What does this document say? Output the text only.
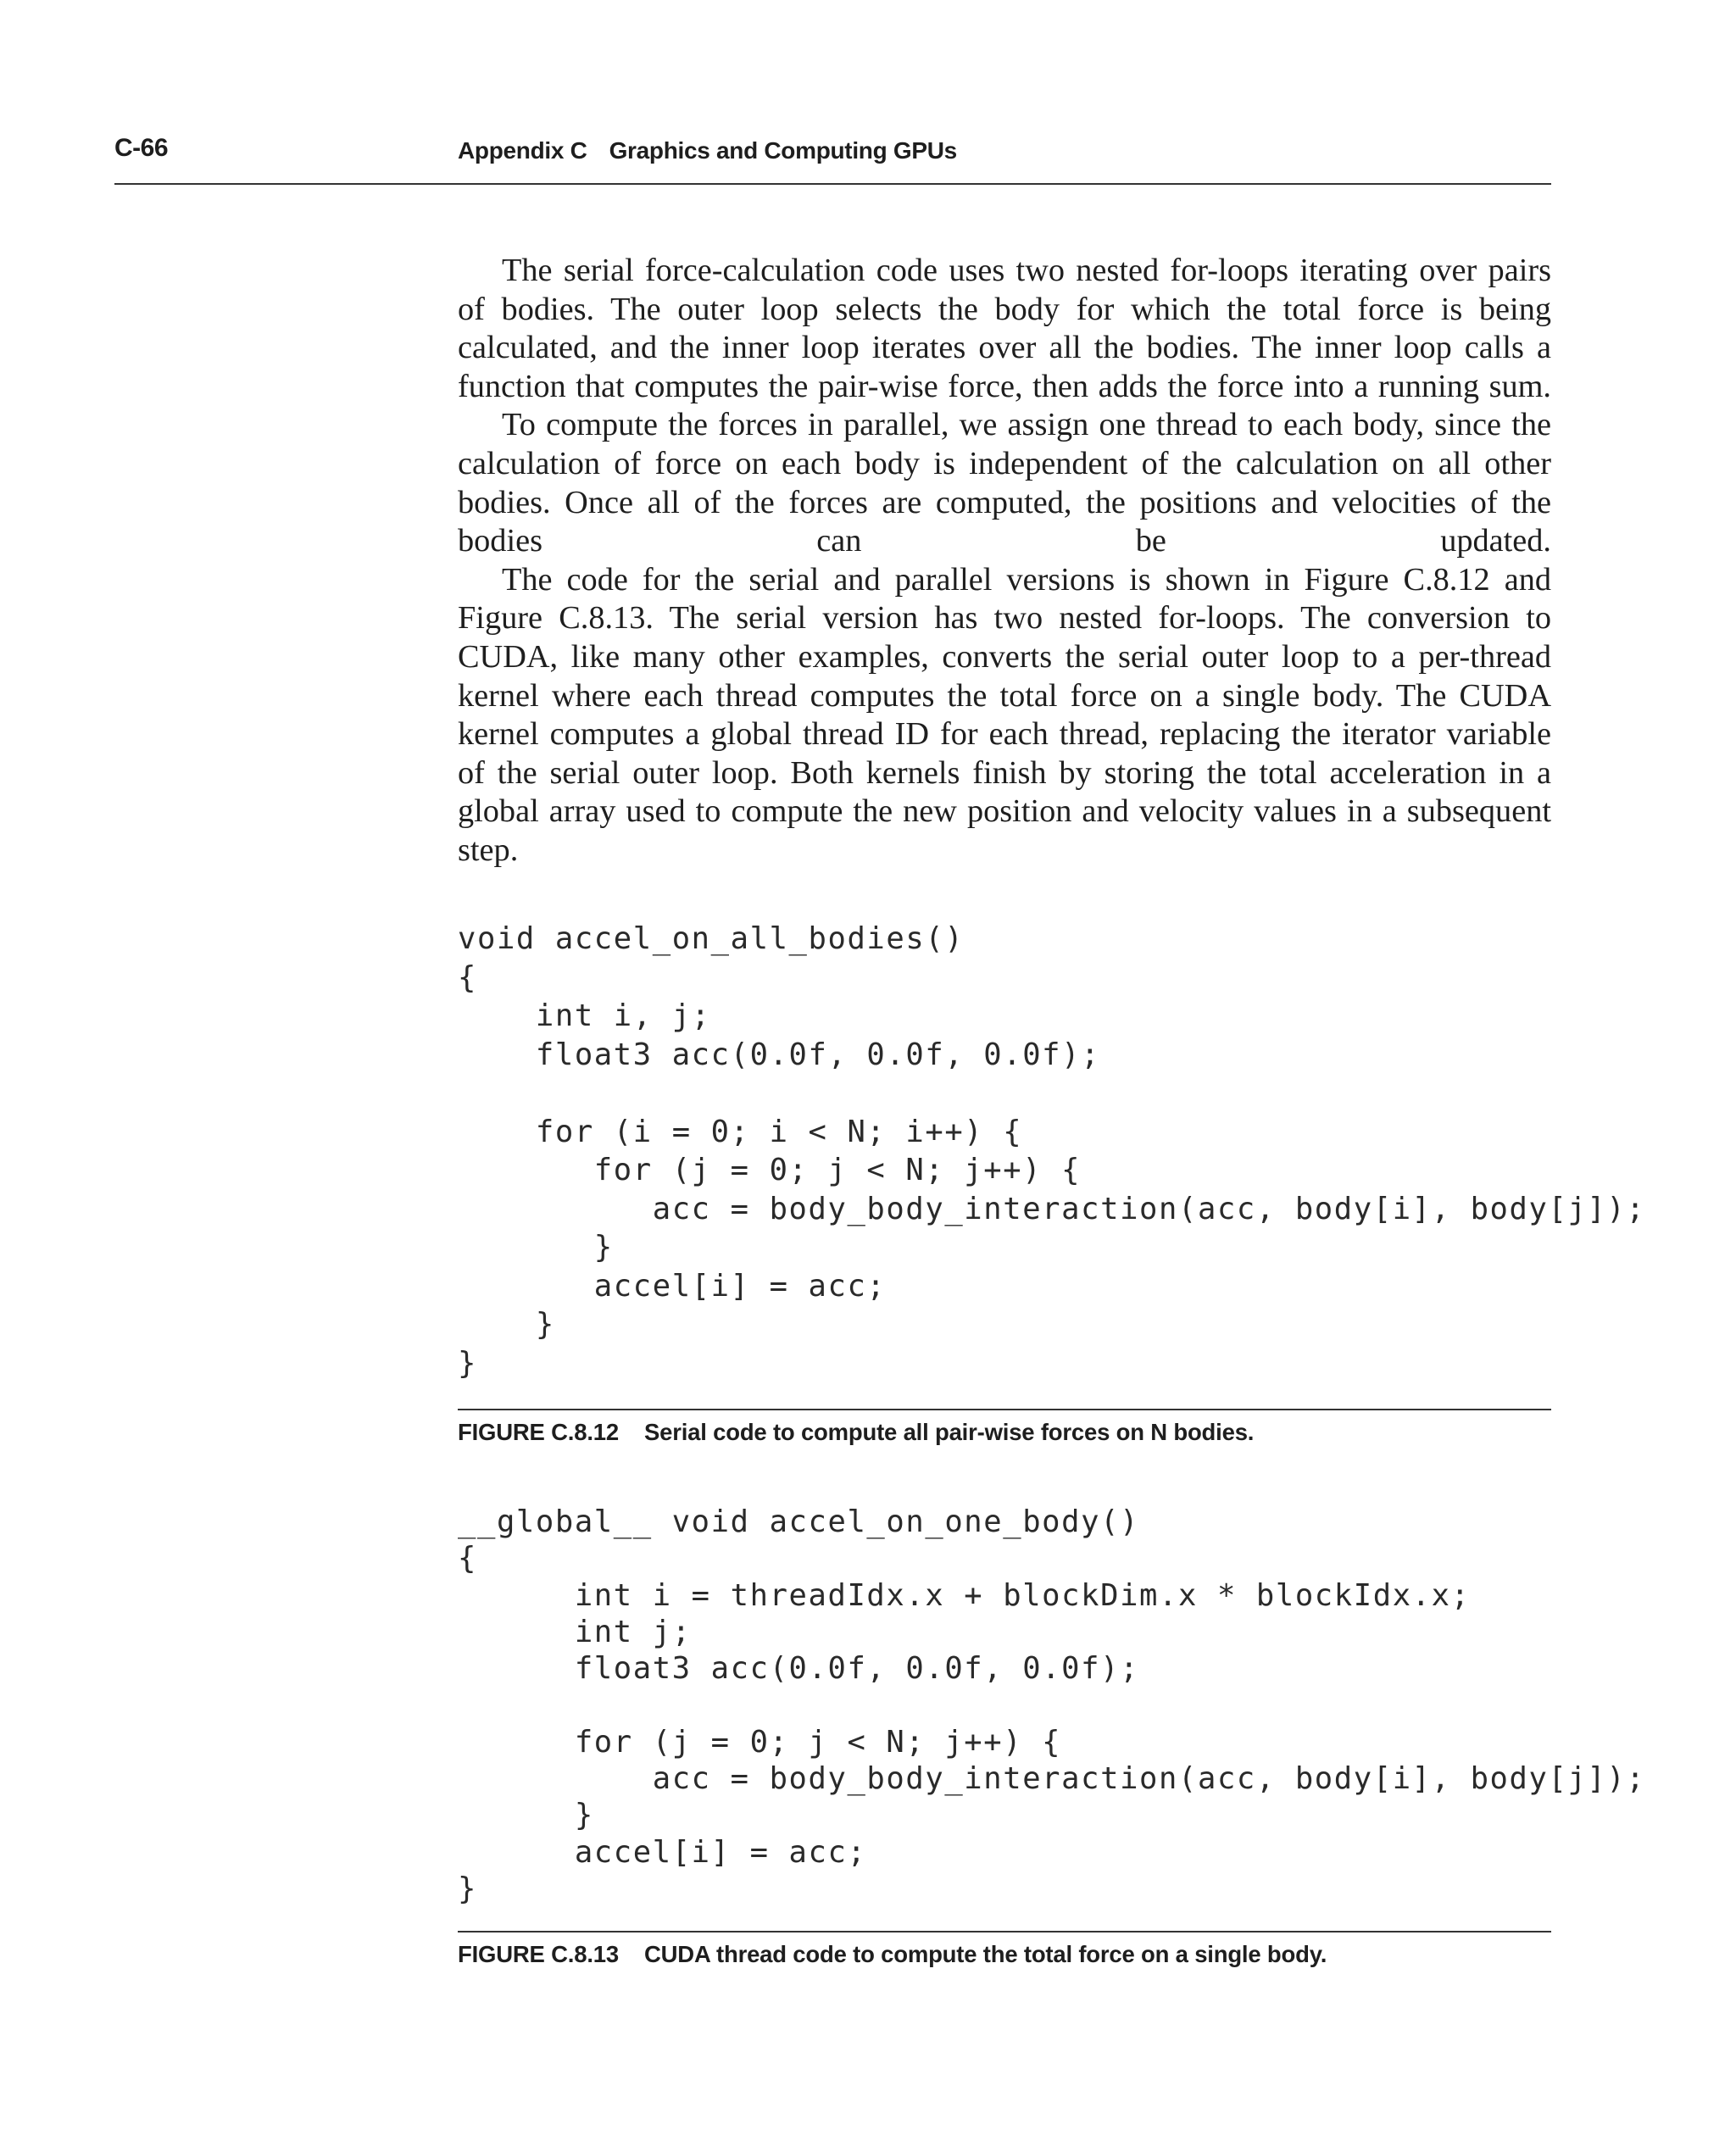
C-66	Appendix C Graphics and Computing GPUs

The serial force-calculation code uses two nested for-loops iterating over pairs of bodies. The outer loop selects the body for which the total force is being calculated, and the inner loop iterates over all the bodies. The inner loop calls a function that computes the pair-wise force, then adds the force into a running sum.

To compute the forces in parallel, we assign one thread to each body, since the calculation of force on each body is independent of the calculation on all other bodies. Once all of the forces are computed, the positions and velocities of the bodies can be updated.

The code for the serial and parallel versions is shown in Figure C.8.12 and Figure C.8.13. The serial version has two nested for-loops. The conversion to CUDA, like many other examples, converts the serial outer loop to a per-thread kernel where each thread computes the total force on a single body. The CUDA kernel computes a global thread ID for each thread, replacing the iterator variable of the serial outer loop. Both kernels finish by storing the total acceleration in a global array used to compute the new position and velocity values in a subsequent step.

void accel_on_all_bodies()
{
int i, j;
float3 acc(0.0f, 0.0f, 0.0f);

for (i = 0; i < N; i++) {
for (j = 0; j < N; j++) {
acc = body_body_interaction(acc, body[i], body[j]);
}
accel[i] = acc;
}
}
FIGURE C.8.12 Serial code to compute all pair-wise forces on N bodies.
__global__ void accel_on_one_body()
{
int i = threadIdx.x + blockDim.x * blockIdx.x;
int j;
float3 acc(0.0f, 0.0f, 0.0f);

for (j = 0; j < N; j++) {
acc = body_body_interaction(acc, body[i], body[j]);
}
accel[i] = acc;
}
FIGURE C.8.13 CUDA thread code to compute the total force on a single body.
